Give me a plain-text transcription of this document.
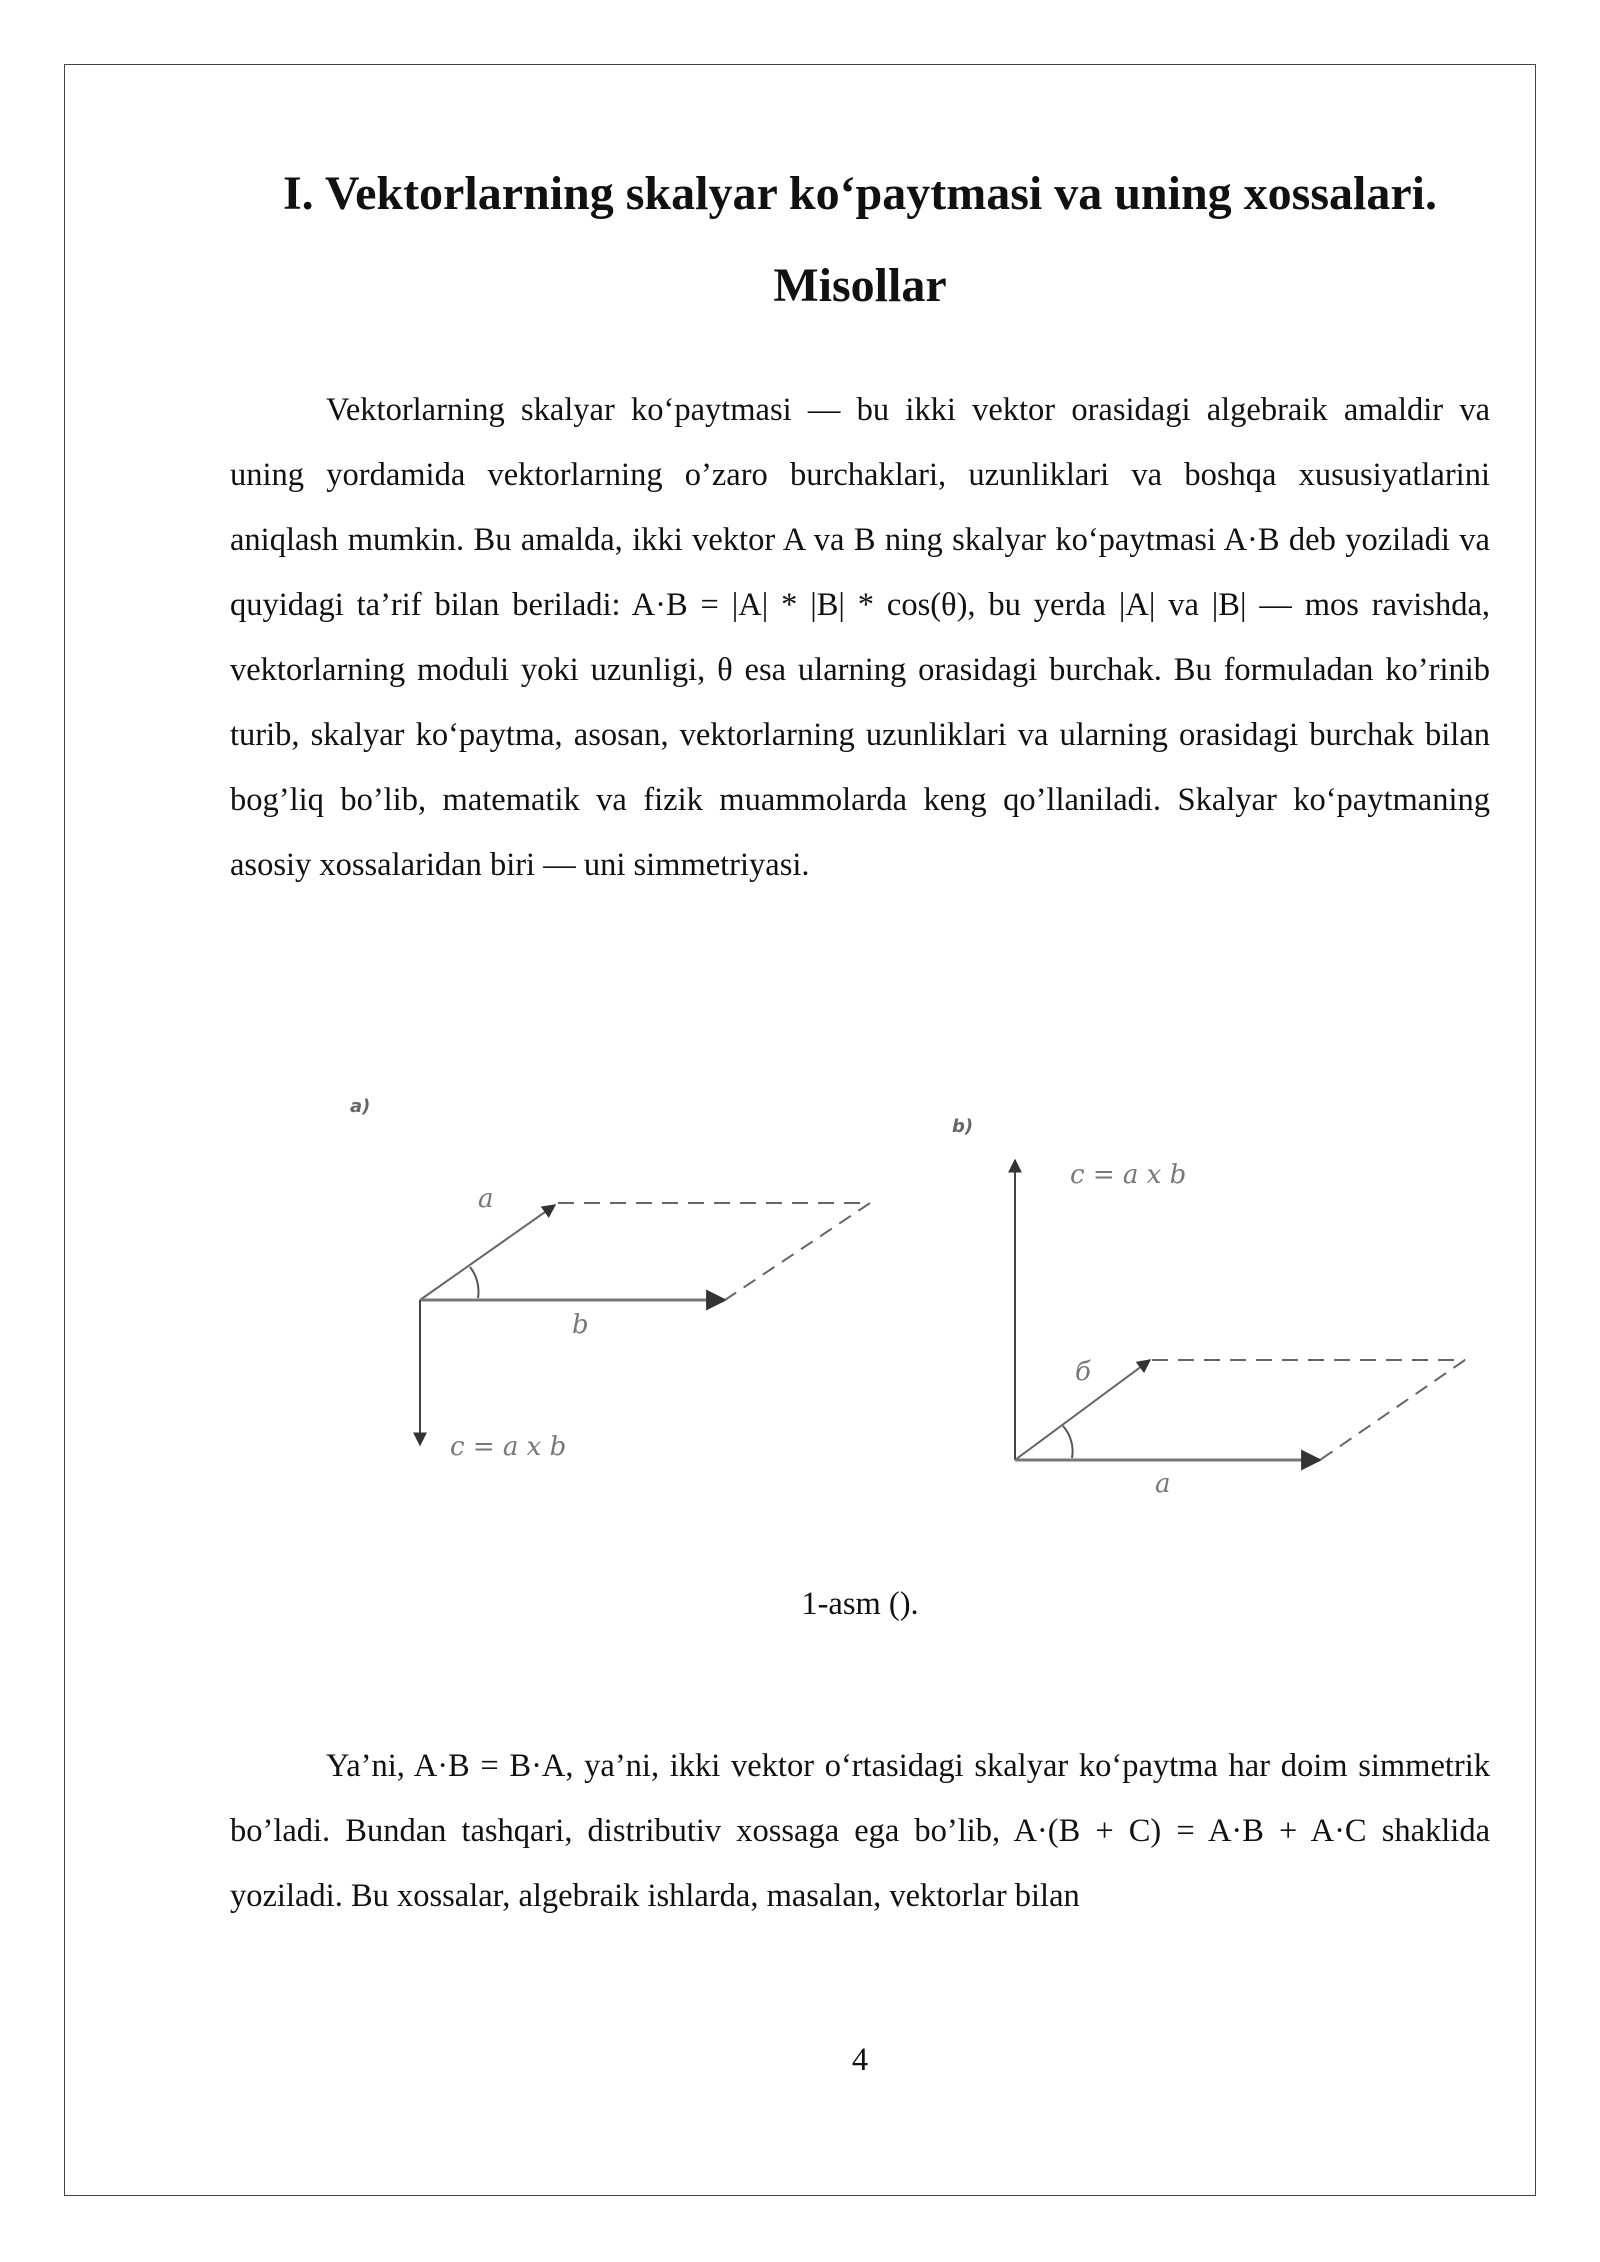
I. Vektorlarning skalyar ko‘paytmasi va uning xossalari. Misollar

Vektorlarning skalyar ko‘paytmasi — bu ikki vektor orasidagi algebraik amaldir va uning yordamida vektorlarning o’zaro burchaklari, uzunliklari va boshqa xususiyatlarini aniqlash mumkin. Bu amalda, ikki vektor A va B ning skalyar ko‘paytmasi A·B deb yoziladi va quyidagi ta’rif bilan beriladi: A·B = |A| * |B| * cos(θ), bu yerda |A| va |B| — mos ravishda, vektorlarning moduli yoki uzunligi, θ esa ularning orasidagi burchak. Bu formuladan ko’rinib turib, skalyar ko‘paytma, asosan, vektorlarning uzunliklari va ularning orasidagi burchak bilan bog’liq bo’lib, matematik va fizik muammolarda keng qo’llaniladi. Skalyar ko‘paytmaning asosiy xossalaridan biri — uni simmetriyasi.

a)
a
b
c = a x b
b)
c = a x b
б
a

1-asm ().

Ya’ni, A·B = B·A, ya’ni, ikki vektor o‘rtasidagi skalyar ko‘paytma har doim simmetrik bo’ladi. Bundan tashqari, distributiv xossaga ega bo’lib, A·(B + C) = A·B + A·C shaklida yoziladi. Bu xossalar, algebraik ishlarda, masalan, vektorlar bilan

4
